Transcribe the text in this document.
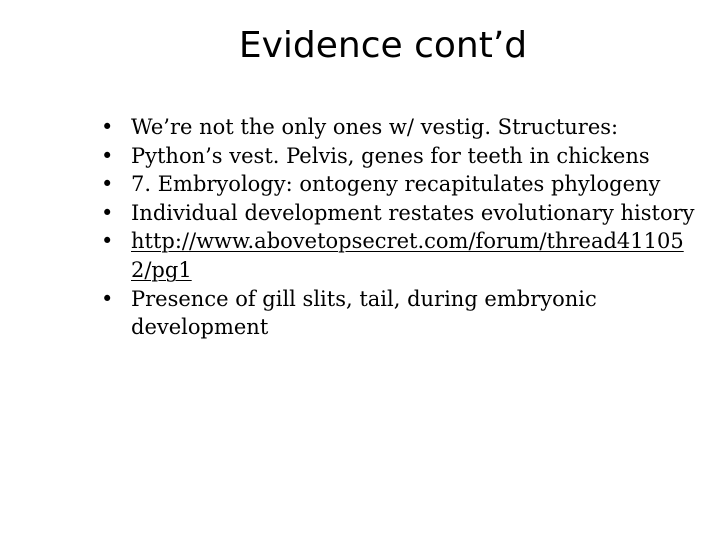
Evidence cont’d
• We’re not the only ones w/ vestig. Structures:
• Python’s vest. Pelvis, genes for teeth in chickens
• 7. Embryology: ontogeny recapitulates phylogeny
• Individual development restates evolutionary history
• http://www.abovetopsecret.com/forum/thread411052/pg1
• Presence of gill slits, tail, during embryonic development
